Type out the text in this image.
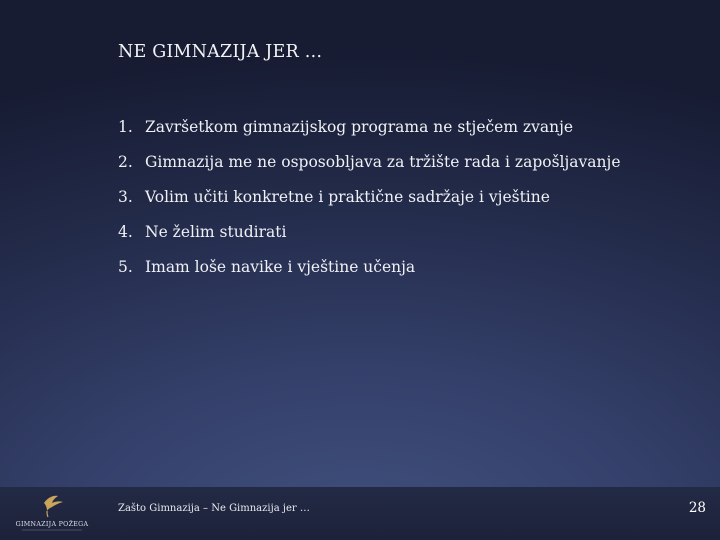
NE GIMNAZIJA JER …
1. Završetkom gimnazijskog programa ne stječem zvanje
2. Gimnazija me ne osposobljava za tržište rada i zapošljavanje
3. Volim učiti konkretne i praktične sadržaje i vještine
4. Ne želim studirati
5. Imam loše navike i vještine učenja
GIMNAZIJA POŽEGA
Zašto Gimnazija – Ne Gimnazija jer …	28
